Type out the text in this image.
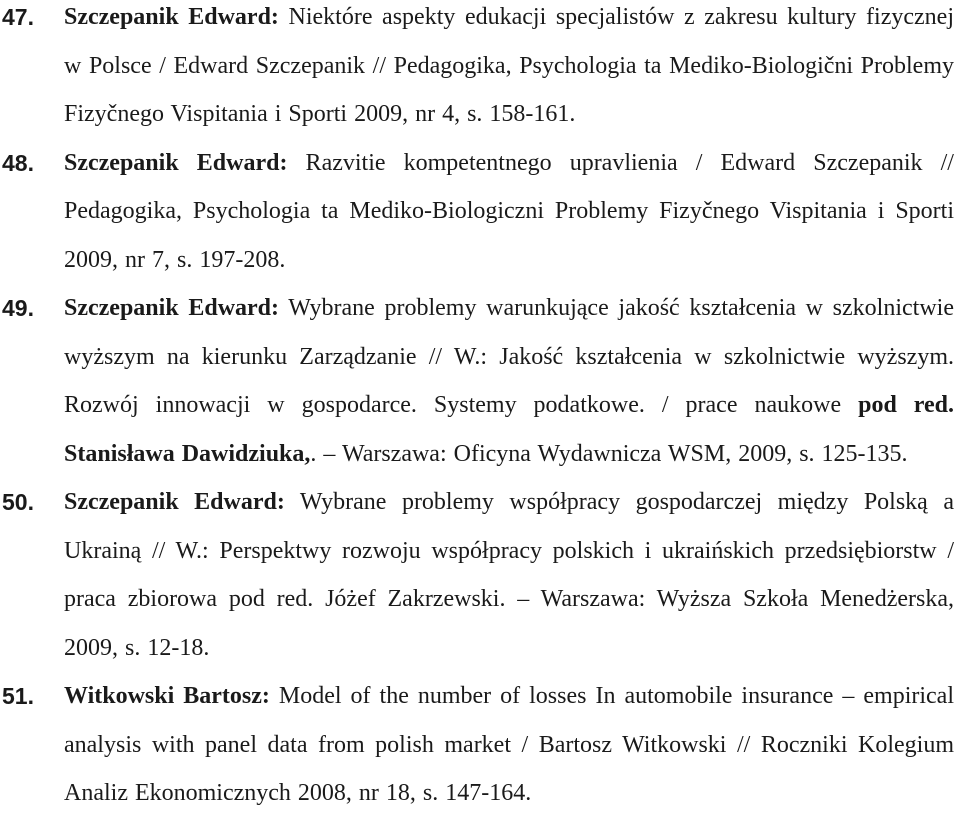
47. Szczepanik Edward: Niektóre aspekty edukacji specjalistów z zakresu kultury fizycznej w Polsce / Edward Szczepanik // Pedagogika, Psychologia ta Mediko-Biologični Problemy Fizyčnego Vispitania i Sporti 2009, nr 4, s. 158-161.
48. Szczepanik Edward: Razvitie kompetentnego upravlienia / Edward Szczepanik // Pedagogika, Psychologia ta Mediko-Biologiczni Problemy Fizyčnego Vispitania i Sporti 2009, nr 7, s. 197-208.
49. Szczepanik Edward: Wybrane problemy warunkujące jakość kształcenia w szkolnictwie wyższym na kierunku Zarządzanie // W.: Jakość kształcenia w szkolnictwie wyższym. Rozwój innowacji w gospodarce. Systemy podatkowe. / prace naukowe pod red. Stanisława Dawidziuka,. – Warszawa: Oficyna Wydawnicza WSM, 2009, s. 125-135.
50. Szczepanik Edward: Wybrane problemy współpracy gospodarczej między Polską a Ukrainą // W.: Perspektwy rozwoju współpracy polskich i ukraińskich przedsiębiorstw / praca zbiorowa pod red. Jóżef Zakrzewski. – Warszawa: Wyższa Szkoła Menedżerska, 2009, s. 12-18.
51. Witkowski Bartosz: Model of the number of losses In automobile insurance – empirical analysis with panel data from polish market / Bartosz Witkowski // Roczniki Kolegium Analiz Ekonomicznych 2008, nr 18, s. 147-164.
